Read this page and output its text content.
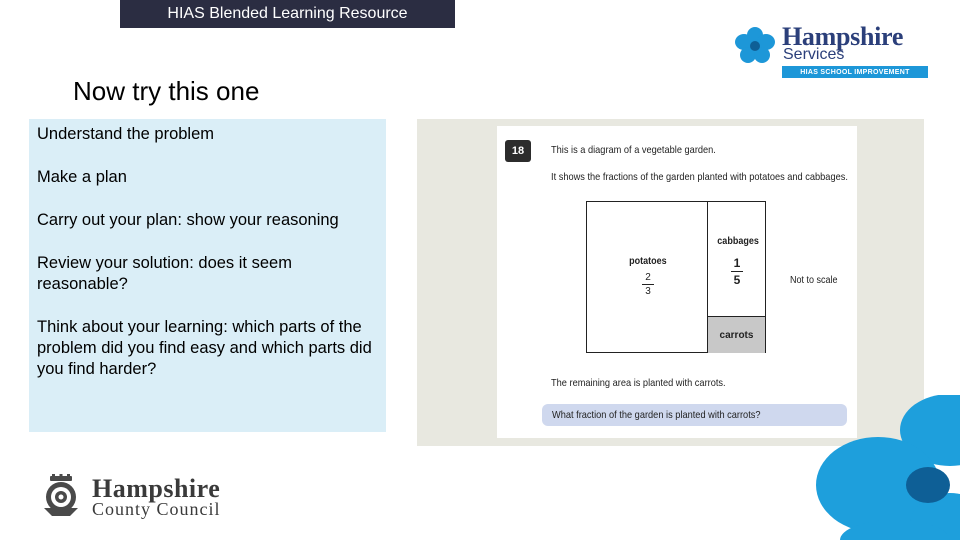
HIAS Blended Learning Resource
Hampshire
Services
HIAS SCHOOL IMPROVEMENT
Now try this one

Understand the problem

Make a plan

Carry out your plan: show your reasoning

Review your solution: does it seem reasonable?

Think about your learning: which parts of the problem did you find easy and which parts did you find harder?

18	This is a diagram of a vegetable garden.
It shows the fractions of the garden planted with potatoes and cabbages.
potatoes
2
3
cabbages
1
5
carrots
Not to scale
The remaining area is planted with carrots.
What fraction of the garden is planted with carrots?
Hampshire
County Council
